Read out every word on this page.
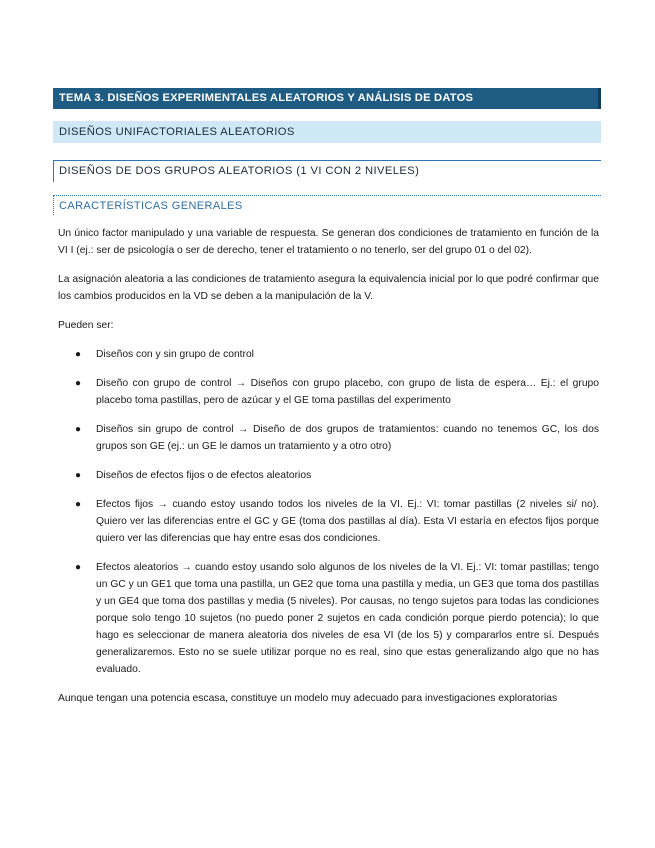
TEMA 3. DISEÑOS EXPERIMENTALES ALEATORIOS Y ANÁLISIS DE DATOS
DISEÑOS UNIFACTORIALES ALEATORIOS
DISEÑOS DE DOS GRUPOS ALEATORIOS (1 VI CON 2 NIVELES)
CARACTERÍSTICAS GENERALES

Un único factor manipulado y una variable de respuesta. Se generan dos condiciones de tratamiento en función de la VI I (ej.: ser de psicología o ser de derecho, tener el tratamiento o no tenerlo, ser del grupo 01 o del 02).

La asignación aleatoria a las condiciones de tratamiento asegura la equivalencia inicial por lo que podré confirmar que los cambios producidos en la VD se deben a la manipulación de la V.

Pueden ser:

● Diseños con y sin grupo de control
● Diseño con grupo de control → Diseños con grupo placebo, con grupo de lista de espera… Ej.: el grupo placebo toma pastillas, pero de azúcar y el GE toma pastillas del experimento
● Diseños sin grupo de control → Diseño de dos grupos de tratamientos: cuando no tenemos GC, los dos grupos son GE (ej.: un GE le damos un tratamiento y a otro otro)
● Diseños de efectos fijos o de efectos aleatorios
● Efectos fijos → cuando estoy usando todos los niveles de la VI. Ej.: VI: tomar pastillas (2 niveles si/ no). Quiero ver las diferencias entre el GC y GE (toma dos pastillas al día). Esta VI estaría en efectos fijos porque quiero ver las diferencias que hay entre esas dos condiciones.
● Efectos aleatorios → cuando estoy usando solo algunos de los niveles de la VI. Ej.: VI: tomar pastillas; tengo un GC y un GE1 que toma una pastilla, un GE2 que toma una pastilla y media, un GE3 que toma dos pastillas y un GE4 que toma dos pastillas y media (5 niveles). Por causas, no tengo sujetos para todas las condiciones porque solo tengo 10 sujetos (no puedo poner 2 sujetos en cada condición porque pierdo potencia); lo que hago es seleccionar de manera aleatoria dos niveles de esa VI (de los 5) y compararlos entre sí. Después generalizaremos. Esto no se suele utilizar porque no es real, sino que estas generalizando algo que no has evaluado.

Aunque tengan una potencia escasa, constituye un modelo muy adecuado para investigaciones exploratorias
